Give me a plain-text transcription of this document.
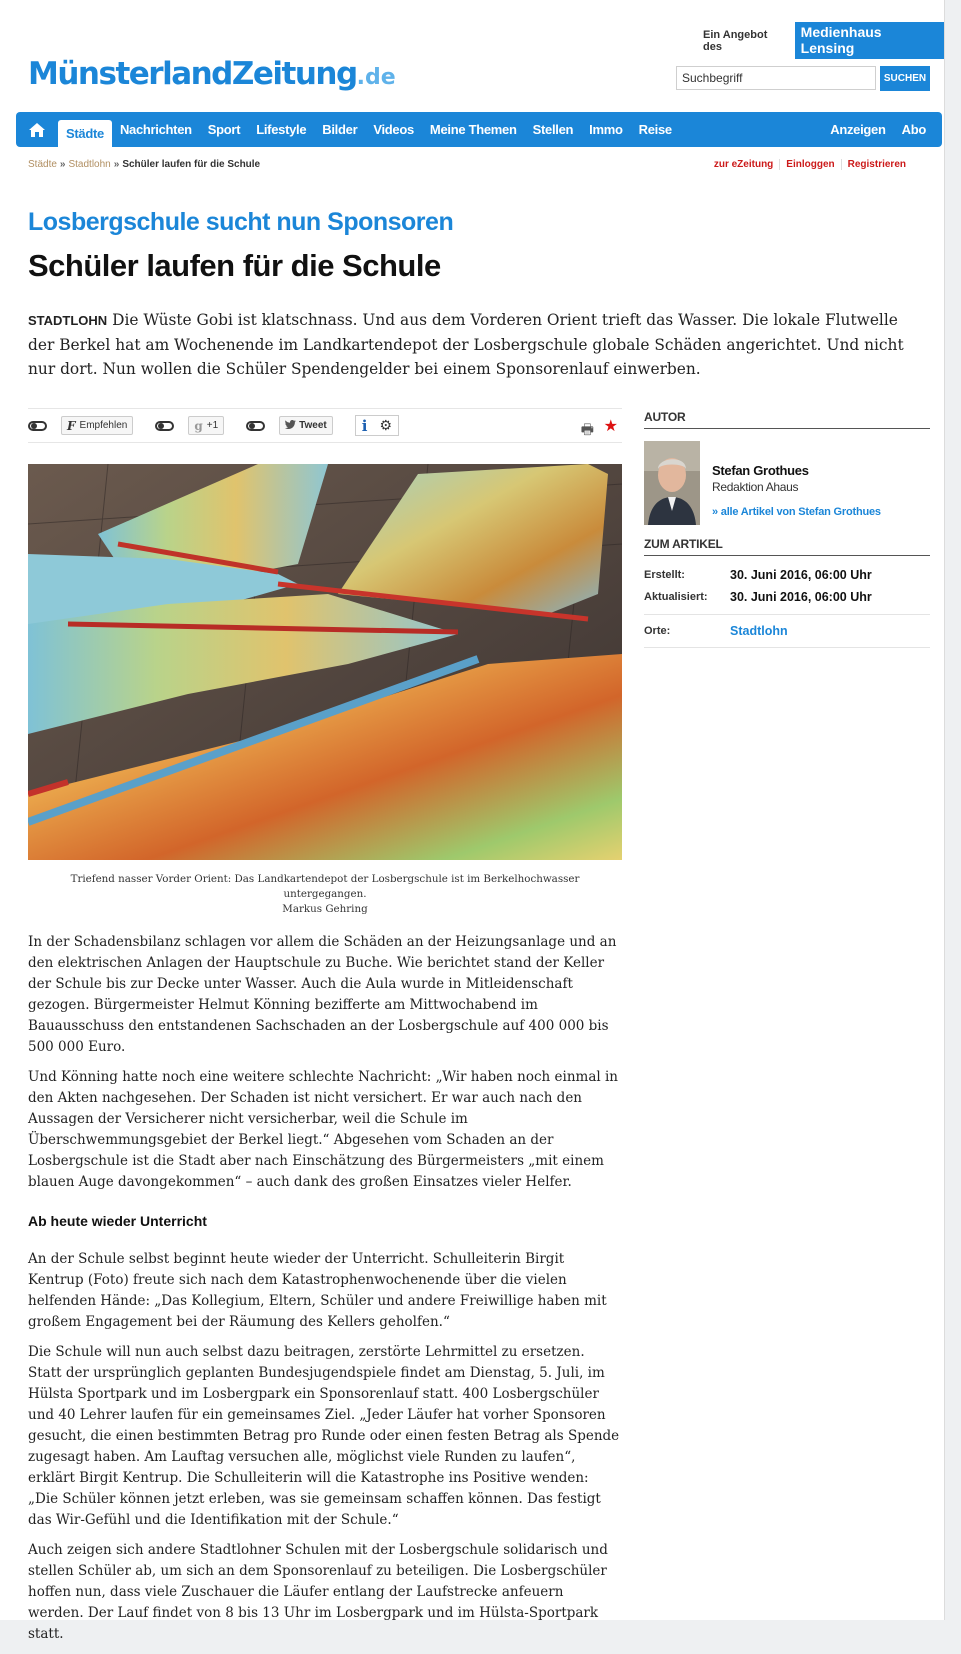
Ein Angebot des
Medienhaus Lensing
MünsterlandZeitung.de
Suchbegriff	SUCHEN
Städte	Nachrichten	Sport	Lifestyle	Bilder	Videos	Meine Themen	Stellen	Immo	Reise	Anzeigen	Abo
Städte » Stadtlohn » Schüler laufen für die Schule	zur eZeitung	Einloggen	Registrieren
Losbergschule sucht nun Sponsoren
Schüler laufen für die Schule
STADTLOHN Die Wüste Gobi ist klatschnass. Und aus dem Vorderen Orient trieft das Wasser. Die lokale Flutwelle der Berkel hat am Wochenende im Landkartendepot der Losbergschule globale Schäden angerichtet. Und nicht nur dort. Nun wollen die Schüler Spendengelder bei einem Sponsorenlauf einwerben.
F Empfehlen	g +1	Tweet i ⚙	🖶 ★
Triefend nasser Vorder Orient: Das Landkartendepot der Losbergschule ist im Berkelhochwasser untergegangen.
Markus Gehring

In der Schadensbilanz schlagen vor allem die Schäden an der Heizungsanlage und an den elektrischen Anlagen der Hauptschule zu Buche. Wie berichtet stand der Keller der Schule bis zur Decke unter Wasser. Auch die Aula wurde in Mitleidenschaft gezogen. Bürgermeister Helmut Könning bezifferte am Mittwochabend im Bauausschuss den entstandenen Sachschaden an der Losbergschule auf 400 000 bis 500 000 Euro.

Und Könning hatte noch eine weitere schlechte Nachricht: „Wir haben noch einmal in den Akten nachgesehen. Der Schaden ist nicht versichert. Er war auch nach den Aussagen der Versicherer nicht versicherbar, weil die Schule im Überschwemmungsgebiet der Berkel liegt.“ Abgesehen vom Schaden an der Losbergschule ist die Stadt aber nach Einschätzung des Bürgermeisters „mit einem blauen Auge davongekommen“ – auch dank des großen Einsatzes vieler Helfer.

Ab heute wieder Unterricht

An der Schule selbst beginnt heute wieder der Unterricht. Schulleiterin Birgit Kentrup (Foto) freute sich nach dem Katastrophenwochenende über die vielen helfenden Hände: „Das Kollegium, Eltern, Schüler und andere Freiwillige haben mit großem Engagement bei der Räumung des Kellers geholfen.“

Die Schule will nun auch selbst dazu beitragen, zerstörte Lehrmittel zu ersetzen. Statt der ursprünglich geplanten Bundesjugendspiele findet am Dienstag, 5. Juli, im Hülsta Sportpark und im Losbergpark ein Sponsorenlauf statt. 400 Losbergschüler und 40 Lehrer laufen für ein gemeinsames Ziel. „Jeder Läufer hat vorher Sponsoren gesucht, die einen bestimmten Betrag pro Runde oder einen festen Betrag als Spende zugesagt haben. Am Lauftag versuchen alle, möglichst viele Runden zu laufen“, erklärt Birgit Kentrup. Die Schulleiterin will die Katastrophe ins Positive wenden: „Die Schüler können jetzt erleben, was sie gemeinsam schaffen können. Das festigt das Wir-Gefühl und die Identifikation mit der Schule.“

Auch zeigen sich andere Stadtlohner Schulen mit der Losbergschule solidarisch und stellen Schüler ab, um sich an dem Sponsorenlauf zu beteiligen. Die Losbergschüler hoffen nun, dass viele Zuschauer die Läufer entlang der Laufstrecke anfeuern werden. Der Lauf findet von 8 bis 13 Uhr im Losbergpark und im Hülsta-Sportpark statt.

AUTOR
Stefan Grothues
Redaktion Ahaus
» alle Artikel von Stefan Grothues
ZUM ARTIKEL
Erstellt:	30. Juni 2016, 06:00 Uhr
Aktualisiert:	30. Juni 2016, 06:00 Uhr
Orte:	Stadtlohn
